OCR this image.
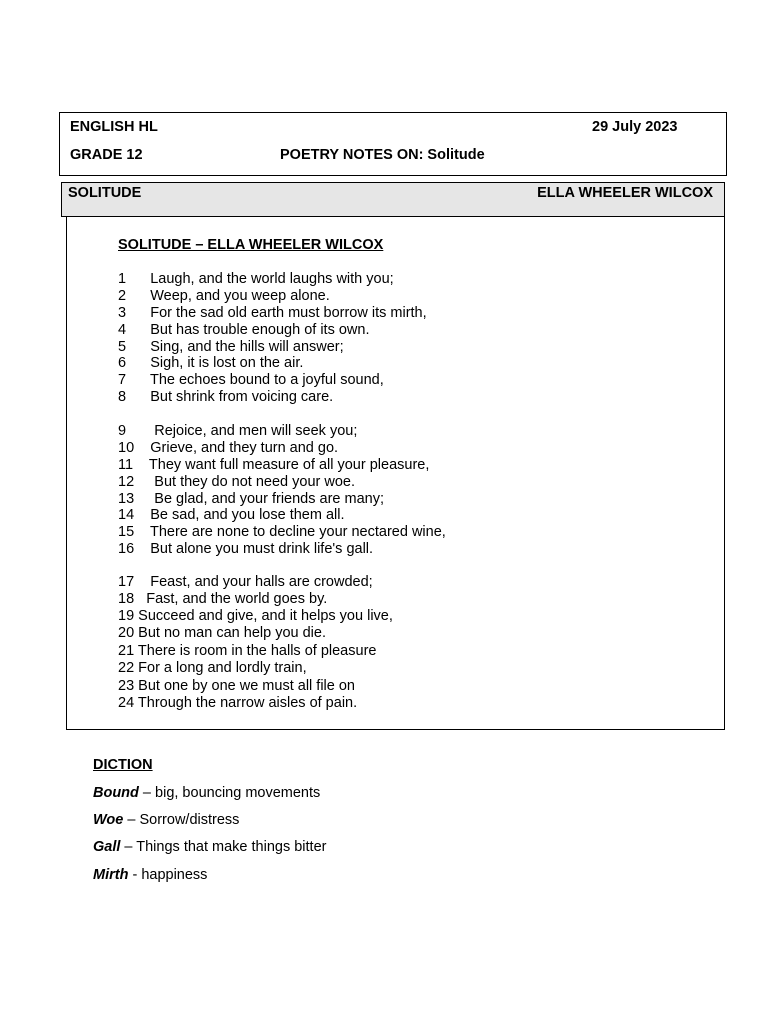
ENGLISH HL	29 July 2023
GRADE 12	POETRY NOTES ON: Solitude
SOLITUDE	ELLA WHEELER WILCOX
SOLITUDE – ELLA WHEELER WILCOX
1      Laugh, and the world laughs with you;
2      Weep, and you weep alone.
3      For the sad old earth must borrow its mirth,
4      But has trouble enough of its own.
5      Sing, and the hills will answer;
6      Sigh, it is lost on the air.
7      The echoes bound to a joyful sound,
8      But shrink from voicing care.
9       Rejoice, and men will seek you;
10    Grieve, and they turn and go.
11    They want full measure of all your pleasure,
12     But they do not need your woe.
13     Be glad, and your friends are many;
14    Be sad, and you lose them all.
15    There are none to decline your nectared wine,
16    But alone you must drink life's gall.
17    Feast, and your halls are crowded;
18   Fast, and the world goes by.
19 Succeed and give, and it helps you live,
20 But no man can help you die.
21 There is room in the halls of pleasure
22 For a long and lordly train,
23 But one by one we must all file on
24 Through the narrow aisles of pain.
DICTION
Bound – big, bouncing movements
Woe – Sorrow/distress
Gall – Things that make things bitter
Mirth - happiness
